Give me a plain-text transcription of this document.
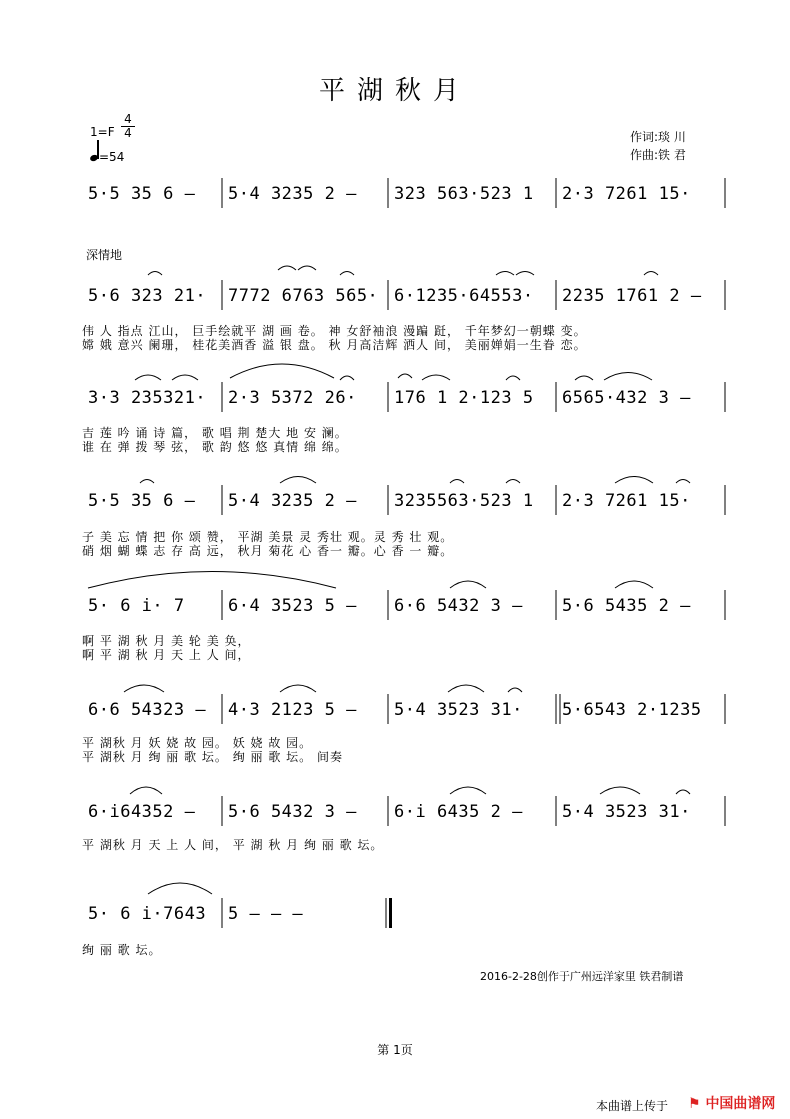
平湖秋月
1=F
4
4
=54
作词:琰 川
作曲:铁 君
深情地
5·5 35 6 –	5·4 3235 2 –	323 563·523 1	2·3 7261 15·
5·6 323 21·	7772 6763 565· 6·1235·64553·	2235 1761 2 –
伟 人 指点 江山， 巨手绘就平 湖 画 卷。 神 女舒袖浪 漫蹁 跹， 千年梦幻一朝蝶 变。
嫦 娥 意兴 阑珊， 桂花美酒香 溢 银 盘。 秋 月高洁辉 洒人 间， 美丽婵娟一生眷 恋。
3·3 235321·	2·3 5372 26·	176 1 2·123 5	6565·432 3 –
吉 莲 吟 诵 诗 篇， 歌 唱 荆 楚大 地 安 澜。
谁 在 弹 拨 琴 弦， 歌 韵 悠 悠 真情 绵 绵。
5·5 35 6 –	5·4 3235 2 –	3235563·523 1	2·3 7261 15·
子 美 忘 情 把 你 颂 赞， 平湖 美景 灵 秀壮 观。灵 秀 壮 观。
硝 烟 蝴 蝶 志 存 高 远， 秋月 菊花 心 香一 瓣。心 香 一 瓣。
5· 6 i· 7	6·4 3523 5 –	6·6 5432 3 –	5·6 5435 2 –
啊 平 湖 秋 月 美 轮 美 奂，
啊 平 湖 秋 月 天 上 人 间，
6·6 54323 –	4·3 2123 5 –	5·4 3523 31·	5·6543 2·1235
平 湖秋 月 妖 娆 故 园。 妖 娆 故 园。
平 湖秋 月 绚 丽 歌 坛。 绚 丽 歌 坛。 间奏
6·i64352 –	5·6 5432 3 –	6·i 6435 2 –	5·4 3523 31·
平 湖秋 月 天 上 人 间， 平 湖 秋 月 绚 丽 歌 坛。
5· 6 i·7643	5 – – –
绚 丽 歌 坛。
2016-2-28创作于广州远洋家里 铁君制谱
第 1页
本曲谱上传于 ⚑ 中国曲谱网
